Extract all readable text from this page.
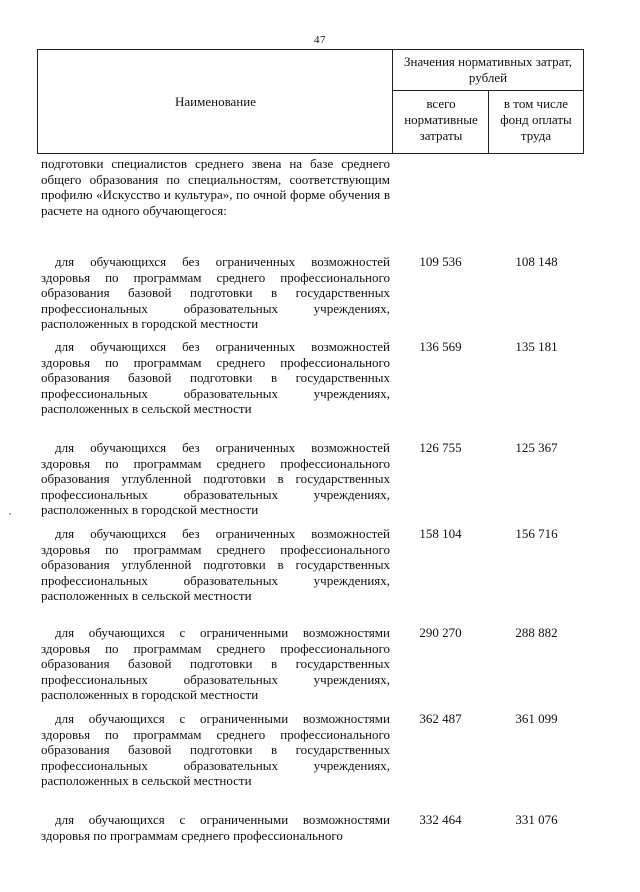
47
Наименование
Значения нормативных затрат, рублей
всего нормативные затраты
в том числе фонд оплаты труда
подготовки специалистов среднего звена на базе среднего общего образования по специальностям, соответствующим профилю «Искусство и культура», по очной форме обучения в расчете на одного обучающегося:
для обучающихся без ограниченных возможностей здоровья по программам среднего профессионального образования базовой подготовки в государственных профессиональных образовательных учреждениях, расположенных в городской местности
109 536	108 148
для обучающихся без ограниченных возможностей здоровья по программам среднего профессионального образования базовой подготовки в государственных профессиональных образовательных учреждениях, расположенных в сельской местности
136 569	135 181
для обучающихся без ограниченных возможностей здоровья по программам среднего профессионального образования углубленной подготовки в государственных профессиональных образовательных учреждениях, расположенных в городской местности
126 755	125 367
для обучающихся без ограниченных возможностей здоровья по программам среднего профессионального образования углубленной подготовки в государственных профессиональных образовательных учреждениях, расположенных в сельской местности
158 104	156 716
для обучающихся с ограниченными возможностями здоровья по программам среднего профессионального образования базовой подготовки в государственных профессиональных образовательных учреждениях, расположенных в городской местности
290 270	288 882
для обучающихся с ограниченными возможностями здоровья по программам среднего профессионального образования базовой подготовки в государственных профессиональных образовательных учреждениях, расположенных в сельской местности
362 487	361 099
для обучающихся с ограниченными возможностями здоровья по программам среднего профессионального
332 464	331 076
